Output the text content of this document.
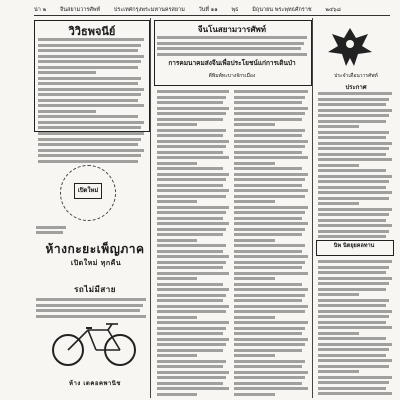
น่า ๒	จีนสยามวารศัพท์	ประเทศกรุงพระมหานครสยาม	วันที่ ๑๑	พุธ	มิถุนายน พระพุทธศักราช	๒๔๖๘
วิวิธพจนีย์
เปิดใหม่
ห้างกะยะเพ็ญภาค
เปิดใหม่ ทุกคืน
รถไม่มีสาย
ห้าง เตคอคพานิช
จีนโนสยามวารศัพท์
การคมนาคมส่งจีนเพื่อประโยชน์แก่การเดินป่า
ตีพิมพ์ทะบางจักรเมือง	ประจำเดือนวารศัพท์
ประกาศ
นิพ นิตยุยคลทาน
